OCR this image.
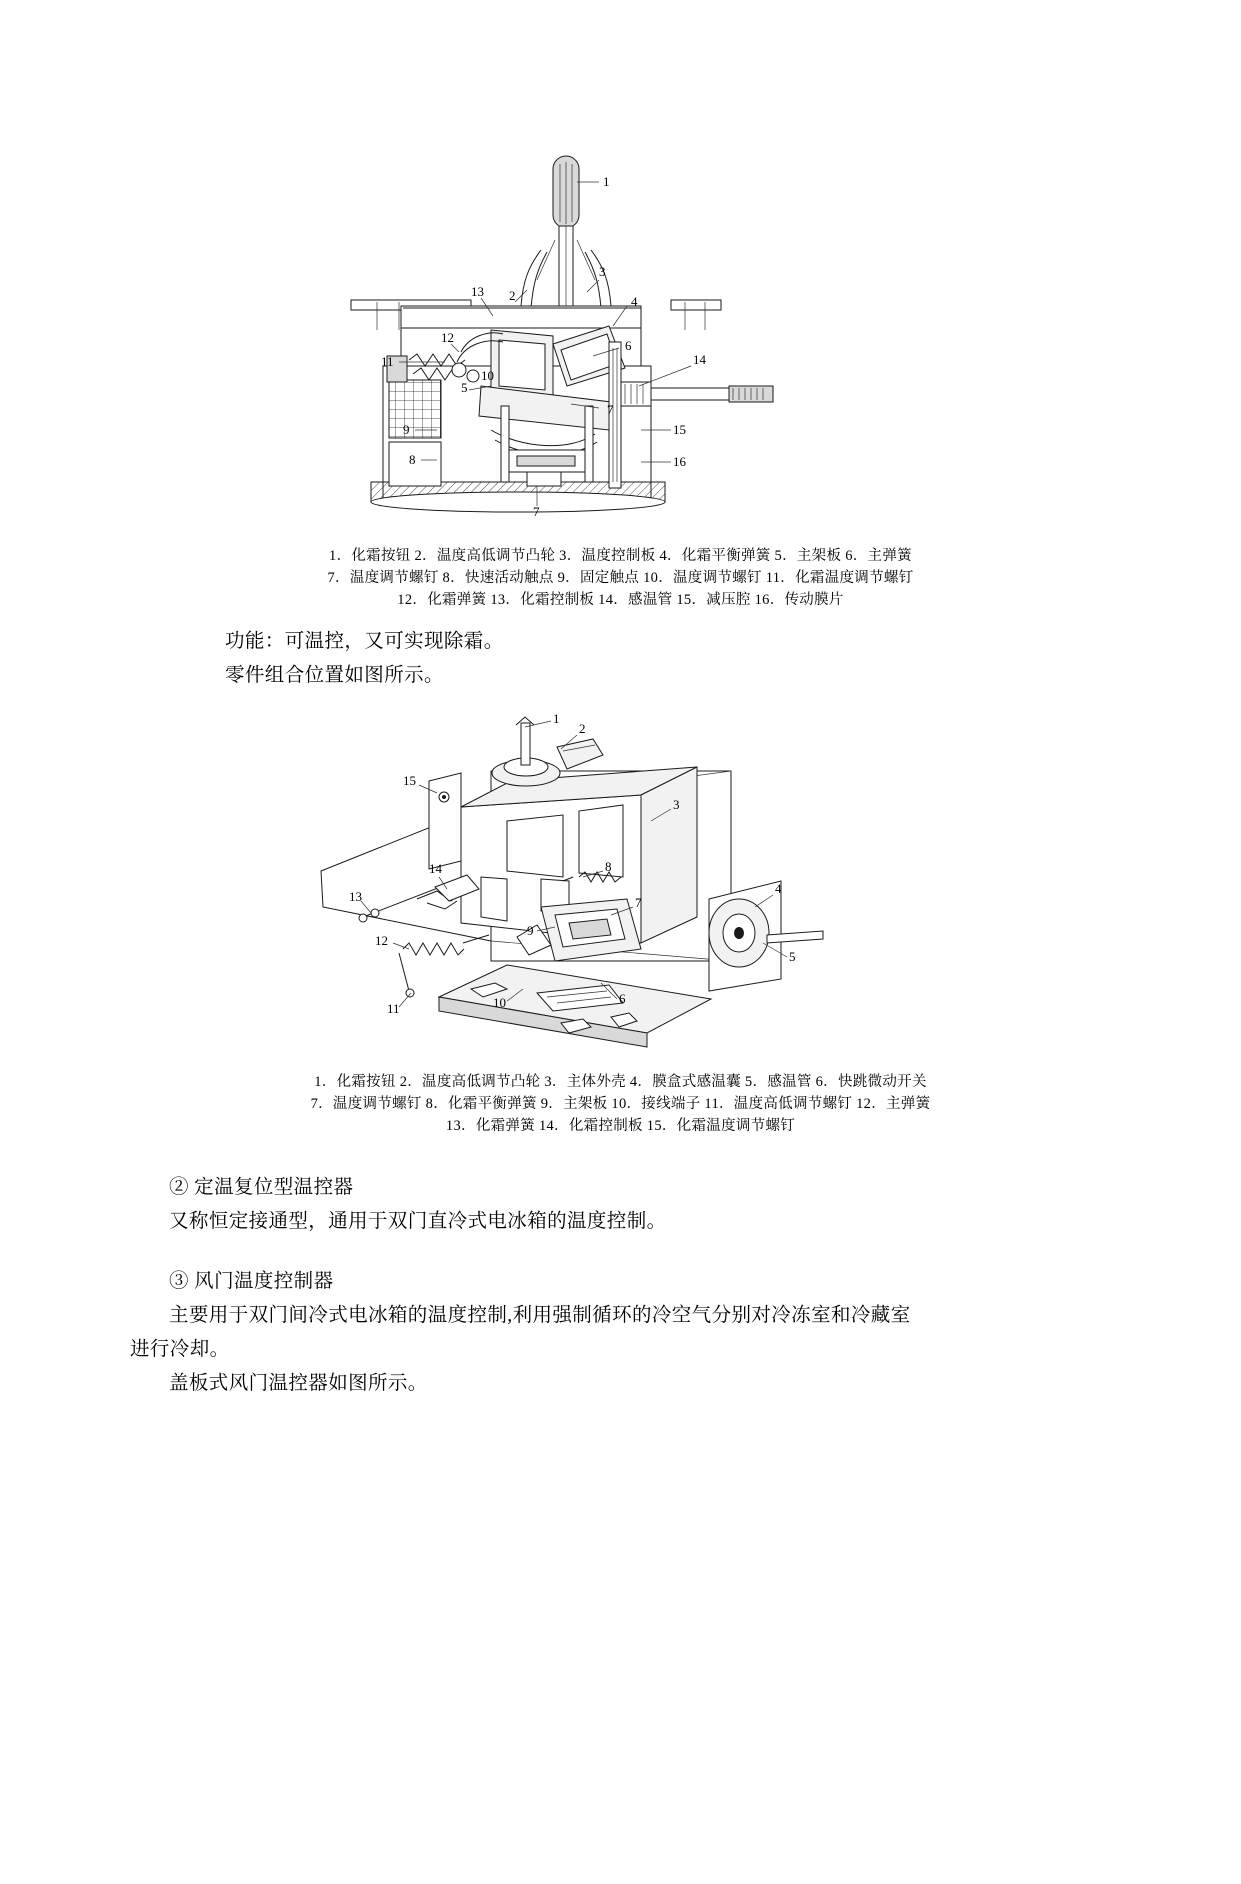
1
2
3
4
5
6
7
8
9
10
11
12
13
14
15
16
7
1．化霜按钮 2．温度高低调节凸轮 3．温度控制板 4．化霜平衡弹簧 5．主架板 6．主弹簧
7．温度调节螺钉 8．快速活动触点 9．固定触点 10．温度调节螺钉 11．化霜温度调节螺钉
12．化霜弹簧 13．化霜控制板 14．感温管 15．减压腔 16．传动膜片

功能：可温控，又可实现除霜。

零件组合位置如图所示。

1
2
3
4
5
6
7
8
9
10
11
12
13
14
15
1．化霜按钮 2．温度高低调节凸轮 3．主体外壳 4．膜盒式感温囊 5．感温管 6．快跳微动开关
7．温度调节螺钉 8．化霜平衡弹簧 9．主架板 10．接线端子 11．温度高低调节螺钉 12．主弹簧
13．化霜弹簧 14．化霜控制板 15．化霜温度调节螺钉

② 定温复位型温控器

又称恒定接通型，通用于双门直冷式电冰箱的温度控制。

③ 风门温度控制器

主要用于双门间冷式电冰箱的温度控制,利用强制循环的冷空气分别对冷冻室和冷藏室

进行冷却。

盖板式风门温控器如图所示。
